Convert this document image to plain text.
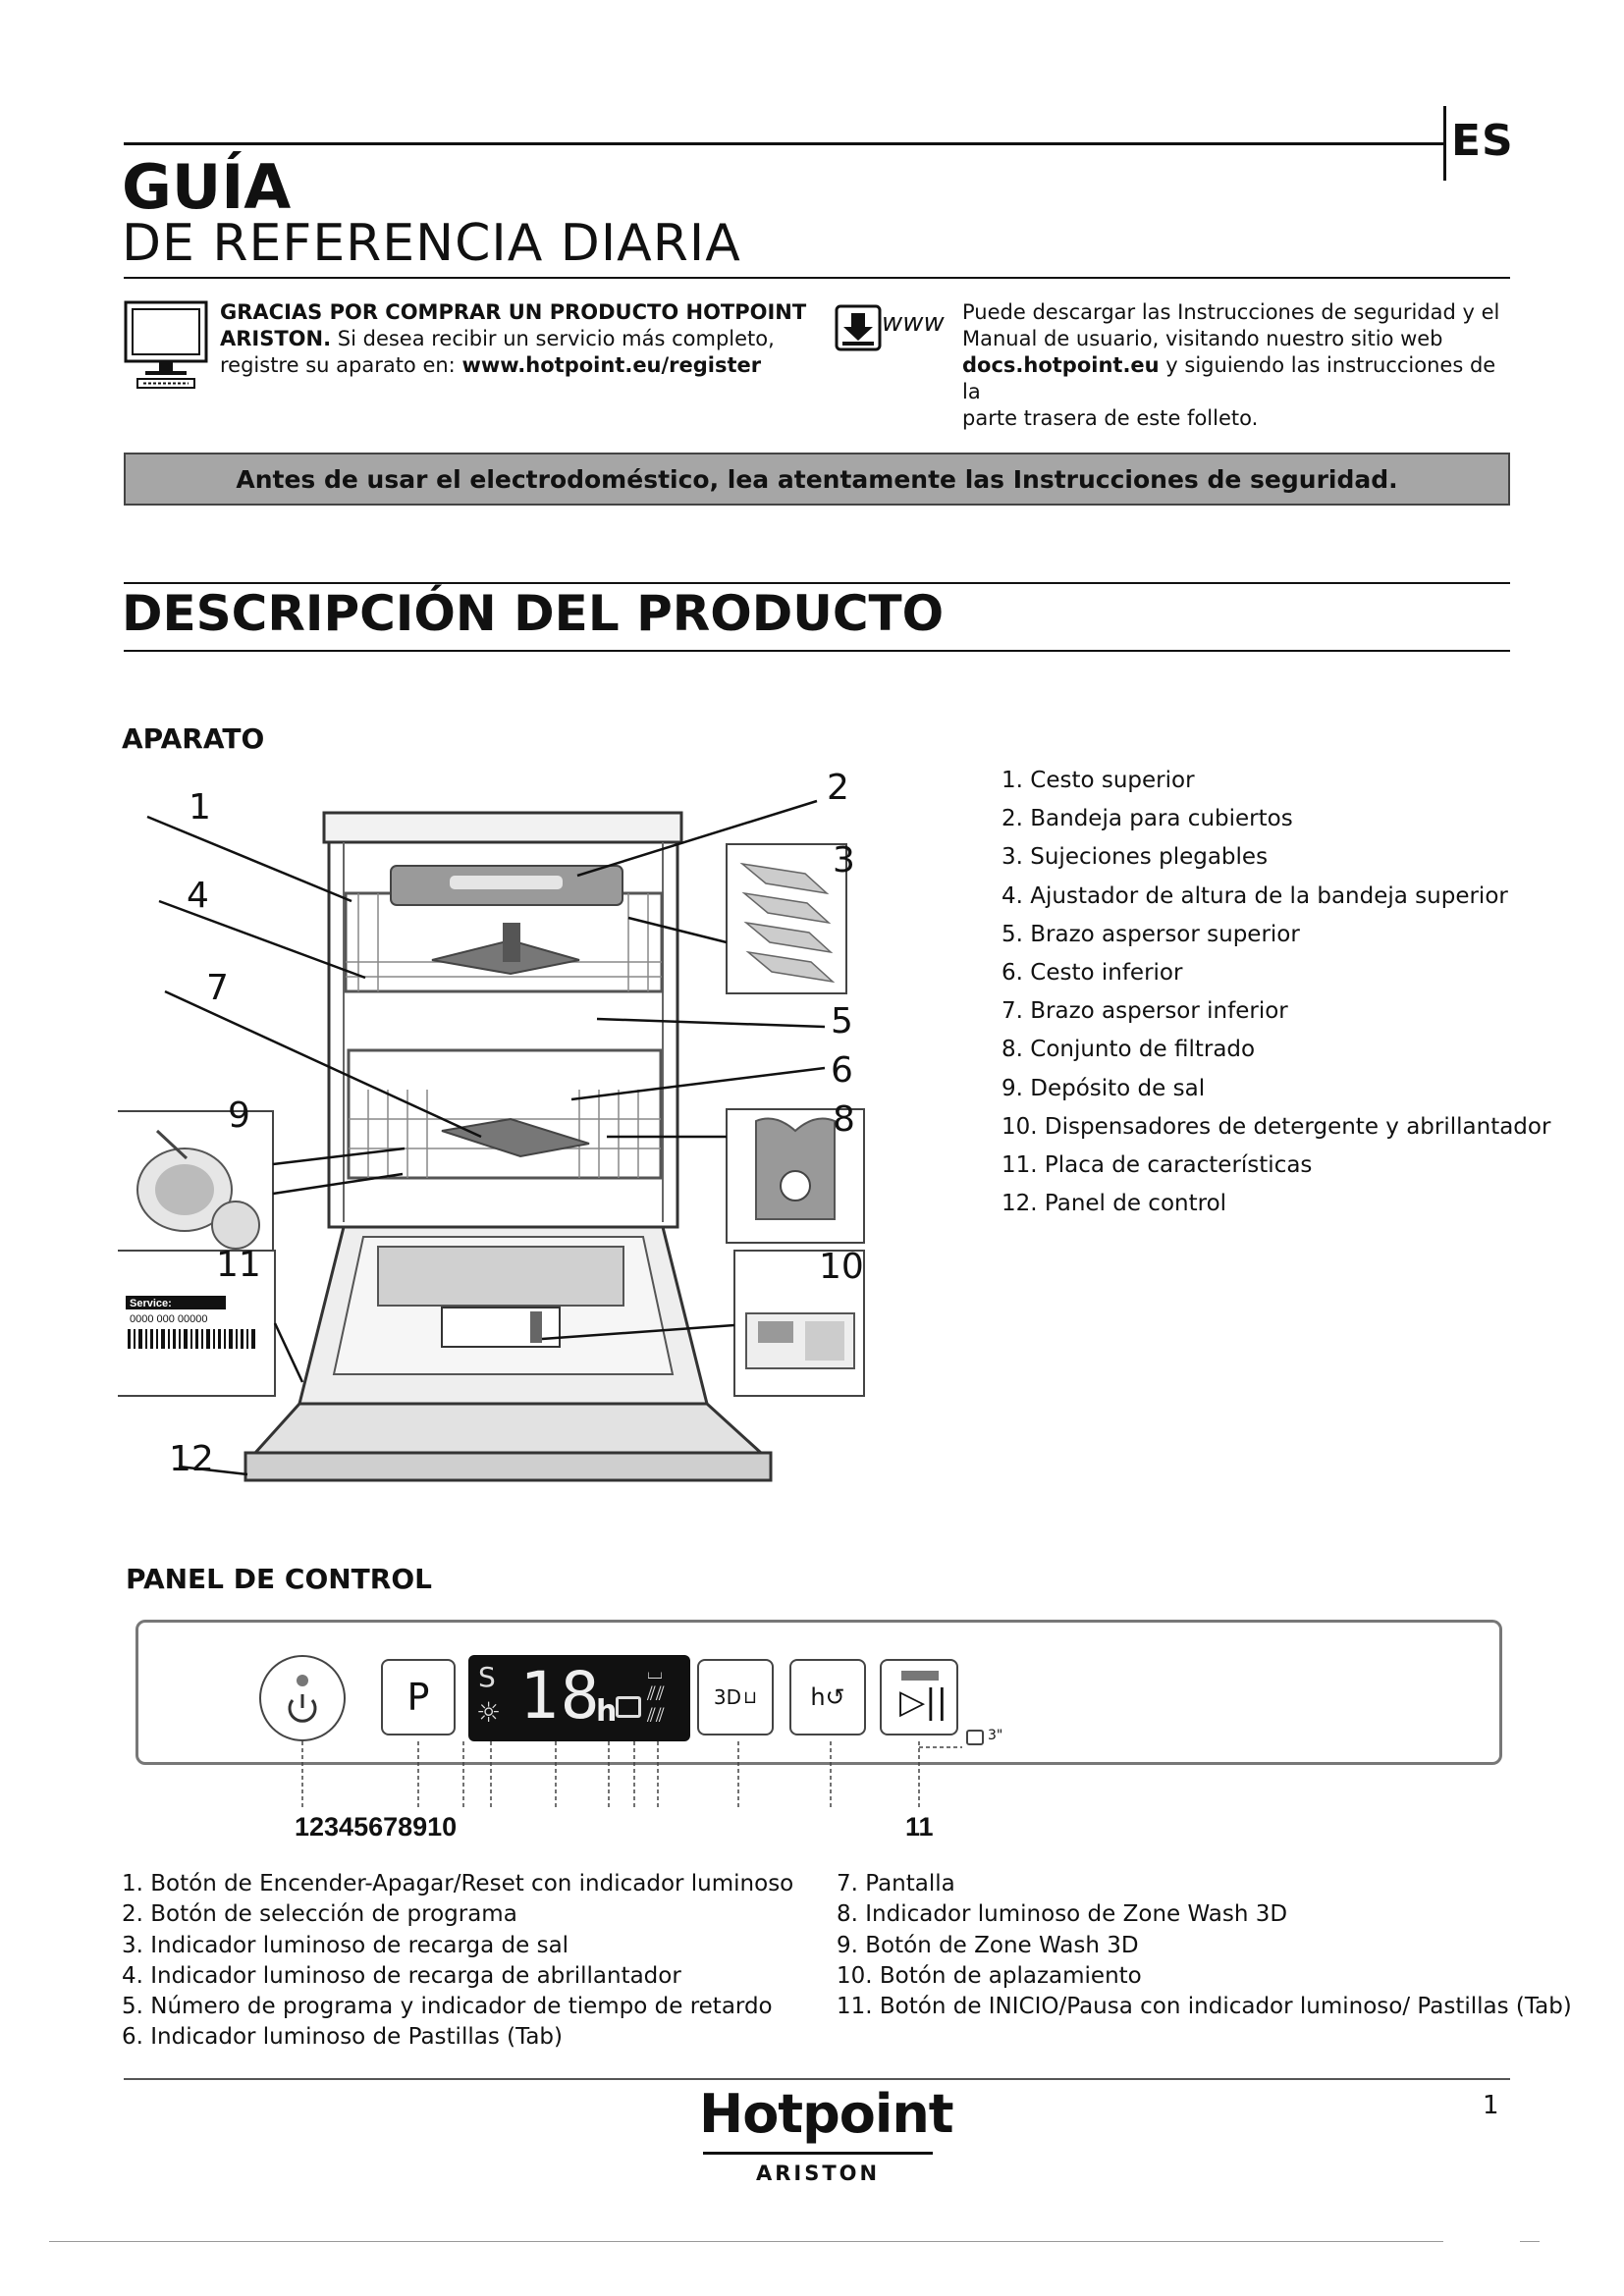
ES
GUÍA
DE REFERENCIA DIARIA
GRACIAS POR COMPRAR UN PRODUCTO HOTPOINT
ARISTON. Si desea recibir un servicio más completo,
registre su aparato en: www.hotpoint.eu/register
www Puede descargar las Instrucciones de seguridad y el
Manual de usuario, visitando nuestro sitio web
docs.hotpoint.eu y siguiendo las instrucciones de la
parte trasera de este folleto.
Antes de usar el electrodoméstico, lea atentamente las Instrucciones de seguridad.
DESCRIPCIÓN DEL PRODUCTO
APARATO
Service:
0000 000 00000
1	2
3
4
5
6
7
8
9
10
11
12
1. Cesto superior
2. Bandeja para cubiertos
3. Sujeciones plegables
4. Ajustador de altura de la bandeja superior
5. Brazo aspersor superior
6. Cesto inferior
7. Brazo aspersor inferior
8. Conjunto de filtrado
9. Depósito de sal
10. Dispensadores de detergente y abrillantador
11. Placa de características
12. Panel de control
PANEL DE CONTROL
P S
☼ 18
h
⌴
⫽⫽
⫽⫽
3D ⊔ h ↺ ▷||
3"
12345678910	11
1. Botón de Encender-Apagar/Reset con indicador luminoso
2. Botón de selección de programa
3. Indicador luminoso de recarga de sal
4. Indicador luminoso de recarga de abrillantador
5. Número de programa y indicador de tiempo de retardo
6. Indicador luminoso de Pastillas (Tab)
7. Pantalla
8. Indicador luminoso de Zone Wash 3D
9. Botón de Zone Wash 3D
10. Botón de aplazamiento
11. Botón de INICIO/Pausa con indicador luminoso/ Pastillas (Tab)
Hotpoint
ARISTON
1
